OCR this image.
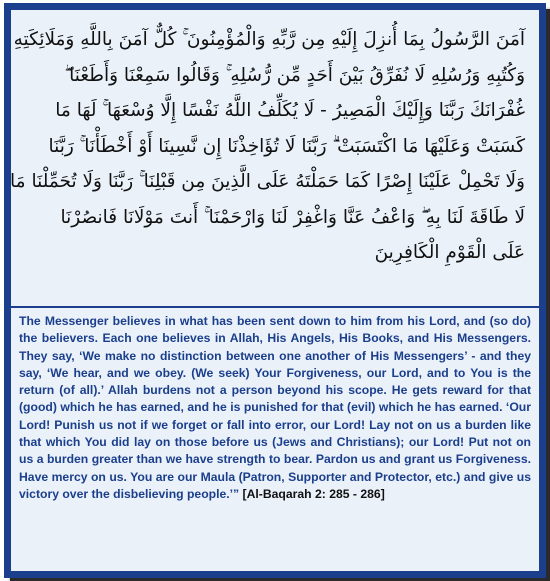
آمَنَ الرَّسُولُ بِمَا أُنزِلَ إِلَيْهِ مِن رَّبِّهِ وَالْمُؤْمِنُونَ ۚ كُلٌّ آمَنَ بِاللَّهِ وَمَلَائِكَتِهِ
وَكُتُبِهِ وَرُسُلِهِ لَا نُفَرِّقُ بَيْنَ أَحَدٍ مِّن رُّسُلِهِ ۚ وَقَالُوا سَمِعْنَا وَأَطَعْنَا ۖ
غُفْرَانَكَ رَبَّنَا وَإِلَيْكَ الْمَصِيرُ - لَا يُكَلِّفُ اللَّهُ نَفْسًا إِلَّا وُسْعَهَا ۚ لَهَا مَا
كَسَبَتْ وَعَلَيْهَا مَا اكْتَسَبَتْ ۗ رَبَّنَا لَا تُؤَاخِذْنَا إِن نَّسِينَا أَوْ أَخْطَأْنَا ۚ رَبَّنَا
وَلَا تَحْمِلْ عَلَيْنَا إِصْرًا كَمَا حَمَلْتَهُ عَلَى الَّذِينَ مِن قَبْلِنَا ۚ رَبَّنَا وَلَا تُحَمِّلْنَا مَا
لَا طَاقَةَ لَنَا بِهِ ۖ وَاعْفُ عَنَّا وَاغْفِرْ لَنَا وَارْحَمْنَا ۚ أَنتَ مَوْلَانَا فَانصُرْنَا
عَلَى الْقَوْمِ الْكَافِرِينَ
The Messenger believes in what has been sent down to him from his Lord, and (so do) the believers. Each one believes in Allah, His Angels, His Books, and His Messengers. They say, ‘We make no distinction between one another of His Messengers’ - and they say, ‘We hear, and we obey. (We seek) Your Forgiveness, our Lord, and to You is the return (of all).’ Allah burdens not a person beyond his scope. He gets reward for that (good) which he has earned, and he is punished for that (evil) which he has earned. ‘Our Lord! Punish us not if we forget or fall into error, our Lord! Lay not on us a burden like that which You did lay on those before us (Jews and Christians); our Lord! Put not on us a burden greater than we have strength to bear. Pardon us and grant us Forgiveness. Have mercy on us. You are our Maula (Patron, Supporter and Protector, etc.) and give us victory over the disbelieving people.’” [Al-Baqarah 2: 285 - 286]
